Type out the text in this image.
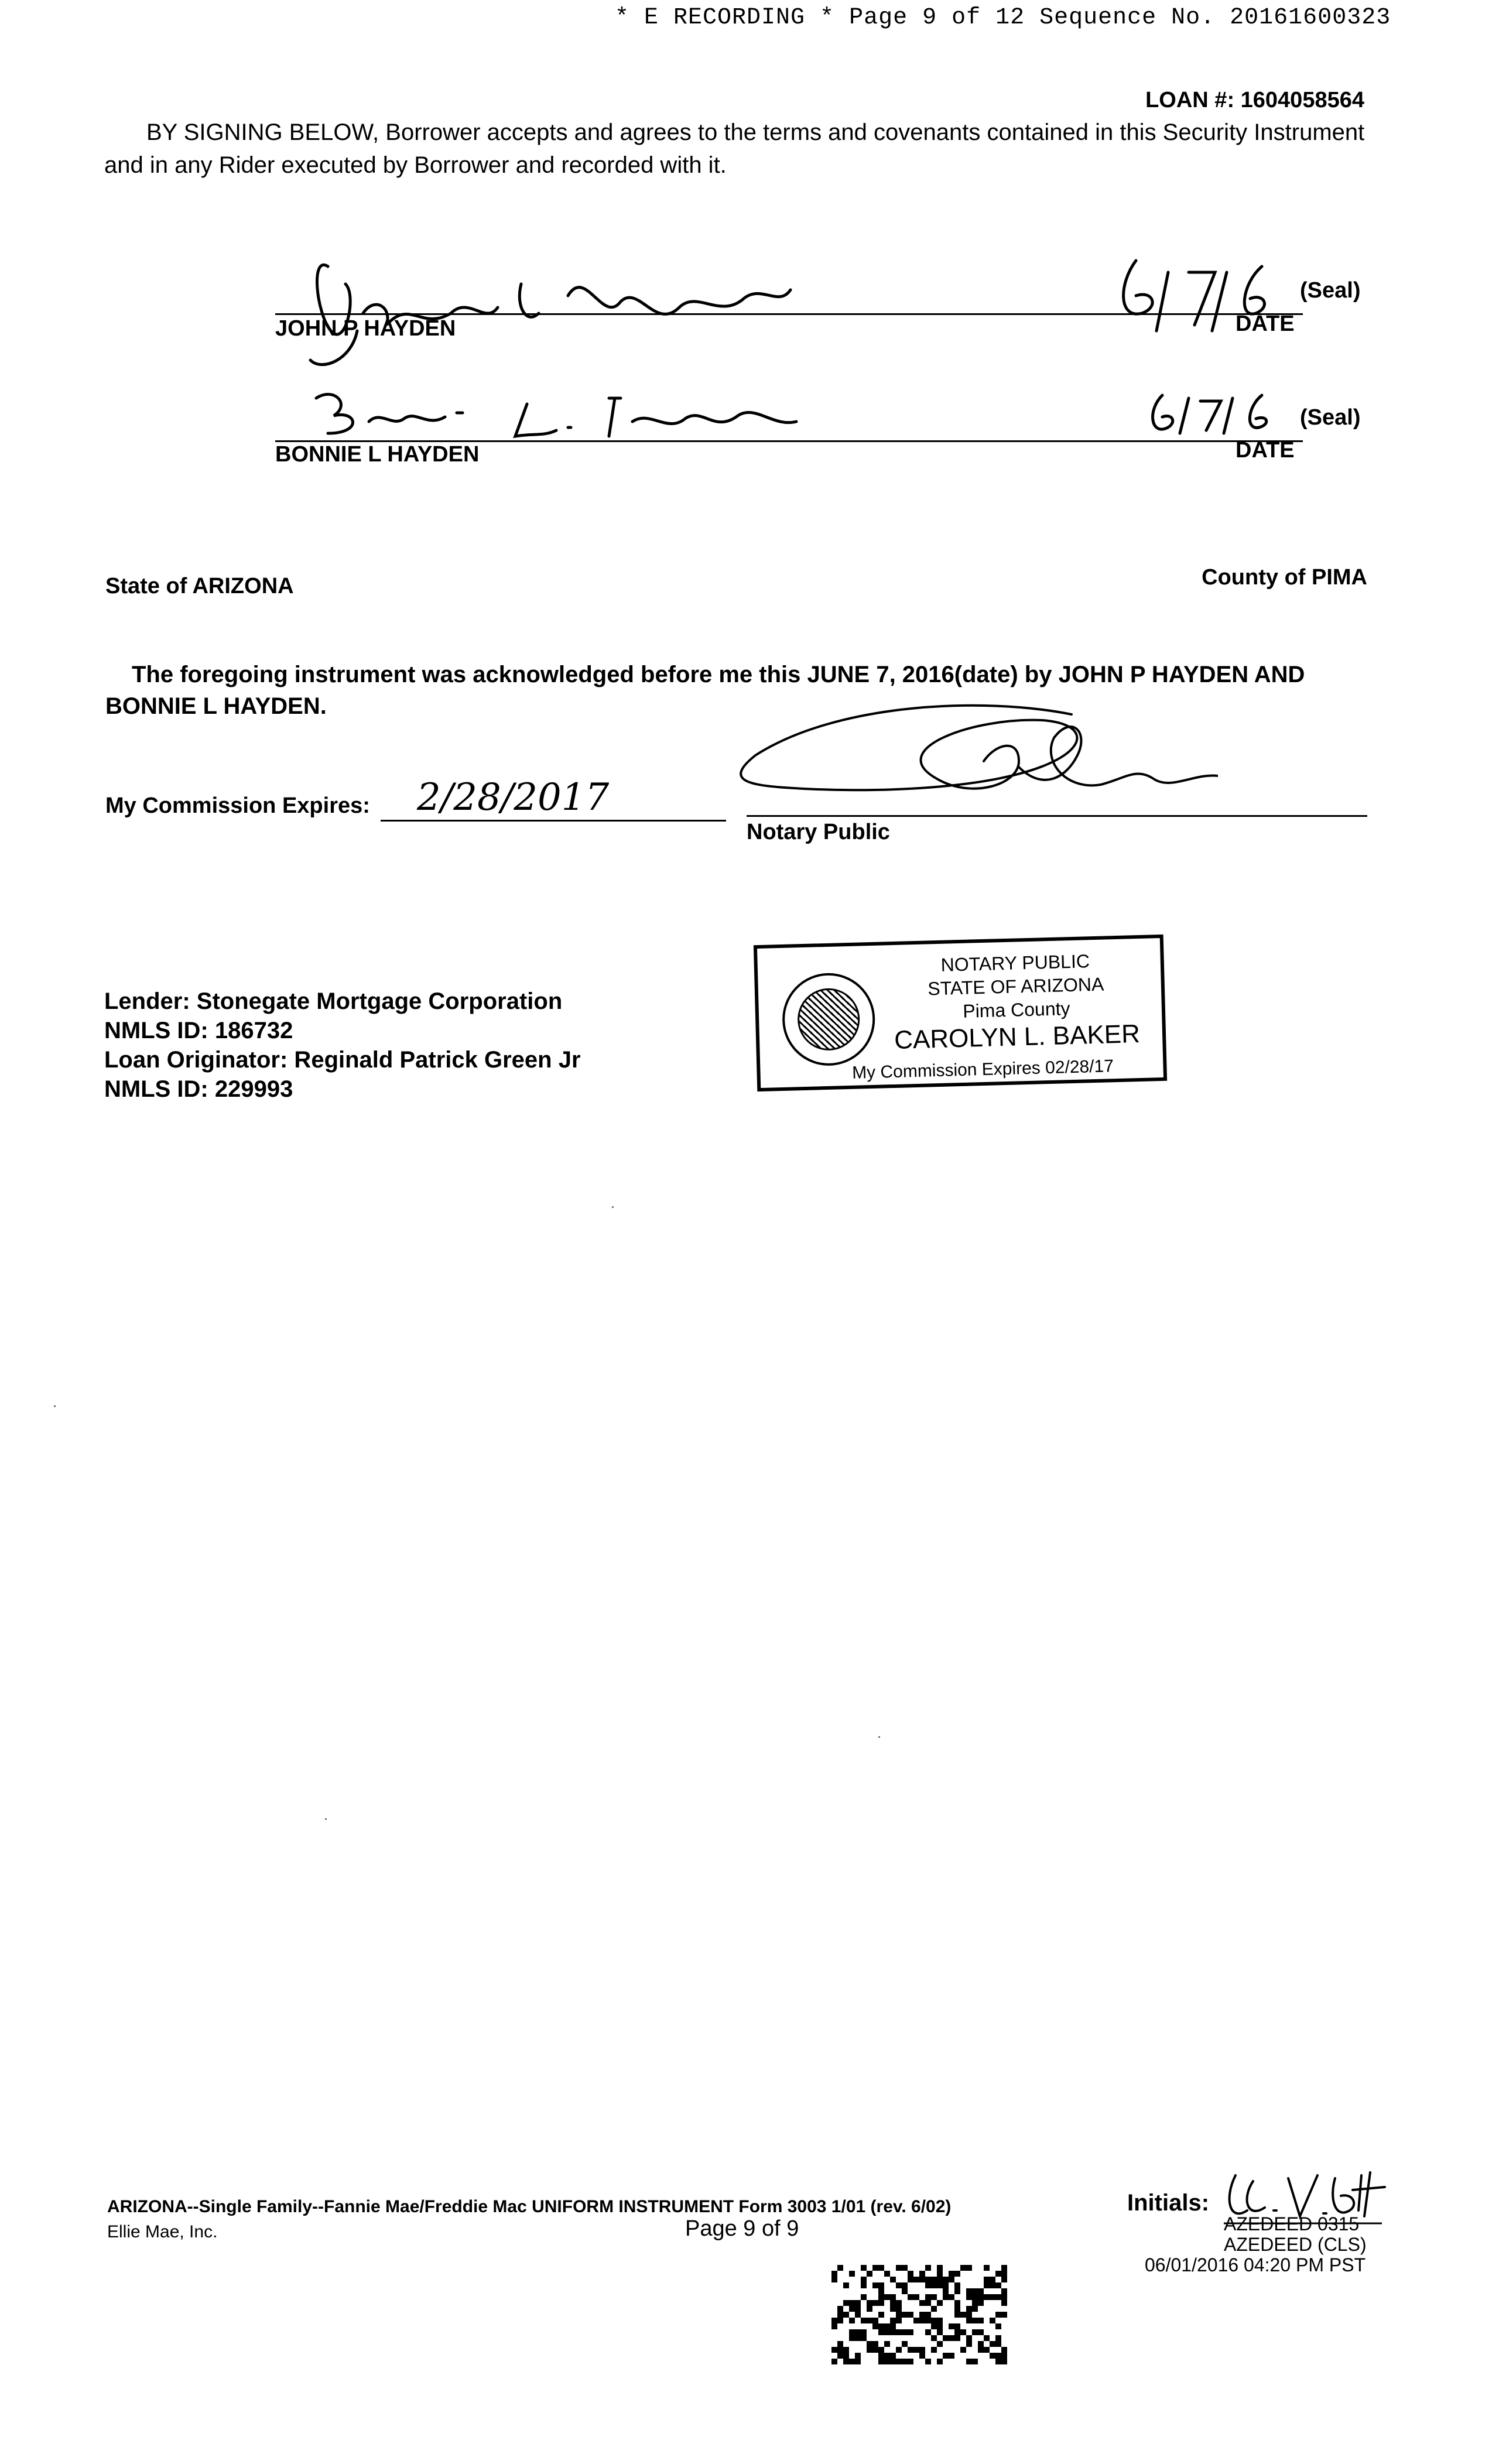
* E RECORDING * Page 9 of 12 Sequence No. 20161600323
LOAN #: 1604058564

BY SIGNING BELOW, Borrower accepts and agrees to the terms and covenants contained in this Security Instrument and in any Rider executed by Borrower and recorded with it.

JOHN P HAYDEN	DATE
(Seal)
BONNIE L HAYDEN	DATE
(Seal)
State of ARIZONA	County of PIMA

The foregoing instrument was acknowledged before me this JUNE 7, 2016(date) by JOHN P HAYDEN AND BONNIE L HAYDEN.

My Commission Expires: 2/28/2017
Notary Public
Lender: Stonegate Mortgage Corporation
NMLS ID: 186732
Loan Originator: Reginald Patrick Green Jr
NMLS ID: 229993
NOTARY PUBLIC
STATE OF ARIZONA
Pima County
CAROLYN L. BAKER
My Commission Expires 02/28/17
ARIZONA--Single Family--Fannie Mae/Freddie Mac UNIFORM INSTRUMENT Form 3003 1/01 (rev. 6/02)
Ellie Mae, Inc.	Page 9 of 9
Initials:
AZEDEED 0315
AZEDEED (CLS)
06/01/2016 04:20 PM PST
